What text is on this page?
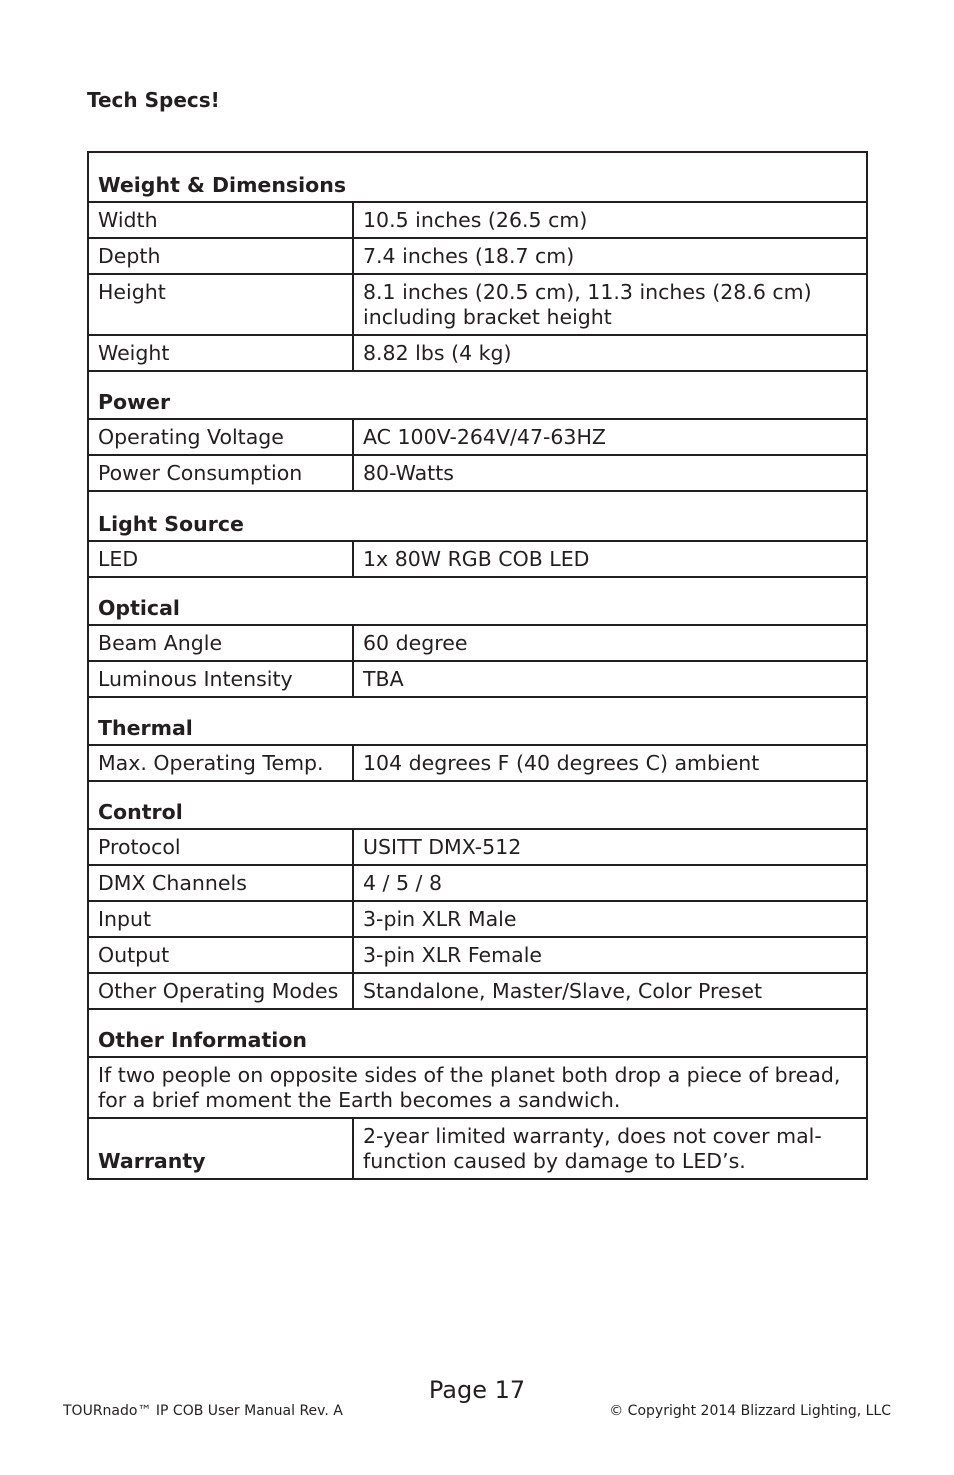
Tech Specs!
Weight & Dimensions	
Width	10.5 inches (26.5 cm)
Depth	7.4 inches (18.7 cm)
Height	8.1 inches (20.5 cm), 11.3 inches (28.6 cm) including bracket height
Weight	8.82 lbs (4 kg)
Power	
Operating Voltage	AC 100V-264V/47-63HZ
Power Consumption	80-Watts
Light Source	
LED	1x 80W RGB COB LED
Optical	
Beam Angle	60 degree
Luminous Intensity	TBA
Thermal	
Max. Operating Temp.	104 degrees F (40 degrees C) ambient
Control	
Protocol	USITT DMX-512
DMX Channels	4 / 5 / 8
Input	3-pin XLR Male
Output	3-pin XLR Female
Other Operating Modes	Standalone, Master/Slave, Color Preset
Other Information	
If two people on opposite sides of the planet both drop a piece of bread, for a brief moment the Earth becomes a sandwich.	
Warranty	2-year limited warranty, does not cover mal-function caused by damage to LED’s.
Page 17
TOURnado™ IP COB User Manual Rev. A	© Copyright 2014 Blizzard Lighting, LLC
